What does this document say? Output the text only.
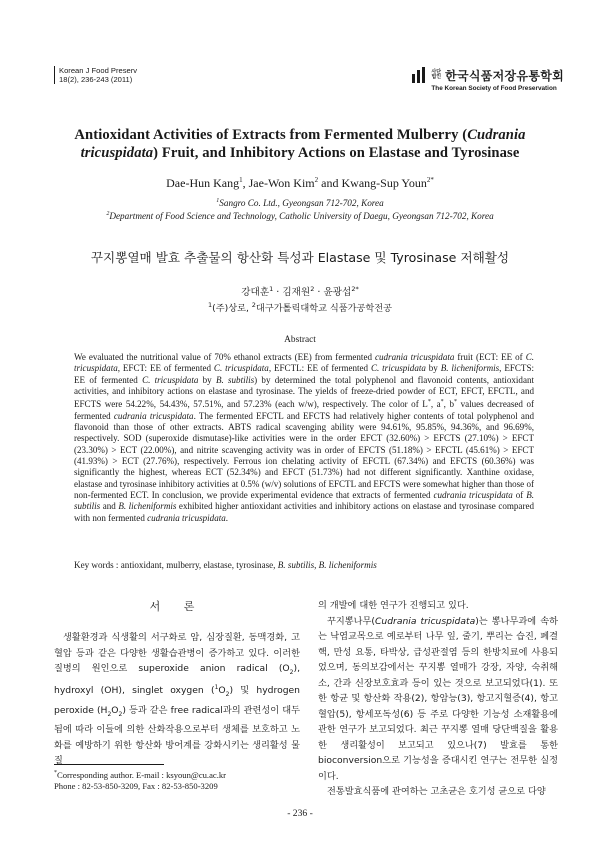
Korean J Food Preserv
18(2), 236-243 (2011)
사단
법인 한국식품저장유통학회
The Korean Society of Food Preservation
Antioxidant Activities of Extracts from Fermented Mulberry (Cudrania
tricuspidata) Fruit, and Inhibitory Actions on Elastase and Tyrosinase
Dae-Hun Kang$^1$, Jae-Won Kim$^2$ and Kwang-Sup Youn$^{2*}$
$^1$Sangro Co. Ltd., Gyeongsan 712-702, Korea
$^2$Department of Food Science and Technology, Catholic University of Daegu, Gyeongsan 712-702, Korea
꾸지뽕열매 발효 추출물의 항산화 특성과 Elastase 및 Tyrosinase 저해활성
강대훈$^1$ · 김재원$^2$ · 윤광섭$^{2*}$
$^1$(주)상로, $^2$대구가톨릭대학교 식품가공학전공
Abstract
We evaluated the nutritional value of 70% ethanol extracts (EE) from fermented cudrania tricuspidata fruit (ECT: EE of C. tricuspidata, EFCT: EE of fermented C. tricuspidata, EFCTL: EE of fermented C. tricuspidata by B. licheniformis, EFCTS: EE of fermented C. tricuspidata by B. subtilis) by determined the total polyphenol and flavonoid contents, antioxidant activities, and inhibitory actions on elastase and tyrosinase. The yields of freeze-dried powder of ECT, EFCT, EFCTL, and EFCTS were 54.22%, 54.43%, 57.51%, and 57.23% (each w/w), respectively. The color of L*, a*, b* values decreased of fermented cudrania tricuspidata. The fermented EFCTL and EFCTS had relatively higher contents of total polyphenol and flavonoid than those of other extracts. ABTS radical scavenging ability were 94.61%, 95.85%, 94.36%, and 96.69%, respectively. SOD (superoxide dismutase)-like activities were in the order EFCT (32.60%) > EFCTS (27.10%) > EFCT (23.30%) > ECT (22.00%), and nitrite scavenging activity was in order of EFCTS (51.18%) > EFCTL (45.61%) > EFCT (41.93%) > ECT (27.76%), respectively. Ferrous ion chelating activity of EFCTL (67.34%) and EFCTS (60.36%) was significantly the highest, whereas ECT (52.34%) and EFCT (51.73%) had not different significantly. Xanthine oxidase, elastase and tyrosinase inhibitory activities at 0.5% (w/v) solutions of EFCTL and EFCTS were somewhat higher than those of non-fermented ECT. In conclusion, we provide experimental evidence that extracts of fermented cudrania tricuspidata of B. subtilis and B. licheniformis exhibited higher antioxidant activities and inhibitory actions on elastase and tyrosinase compared with non fermented cudrania tricuspidata.
Key words : antioxidant, mulberry, elastase, tyrosinase, B. subtilis, B. licheniformis
서 론

생활환경과 식생활의 서구화로 암, 심장질환, 동맥경화, 고혈압 등과 같은 다양한 생활습관병이 증가하고 있다. 이러한 질병의 원인으로 superoxide anion radical $(O_2)$, hydroxyl (OH), singlet oxygen $(^1O_2)$ 및 hydrogen peroxide $(H_2O_2)$ 등과 같은 free radical과의 관련성이 대두됨에 따라 이들에 의한 산화작용으로부터 생체를 보호하고 노화를 예방하기 위한 항산화 방어계를 강화시키는 생리활성 물질

의 개발에 대한 연구가 진행되고 있다.

꾸지뽕나무(Cudrania tricuspidata)는 뽕나무과에 속하는 낙엽교목으로 예로부터 나무 잎, 줄기, 뿌리는 습진, 폐결핵, 만성 요통, 타박상, 급성관절염 등의 한방치료에 사용되었으며, 동의보감에서는 꾸지뽕 열매가 강장, 자양, 숙취해소, 간과 신장보호효과 등이 있는 것으로 보고되었다(1). 또한 항균 및 항산화 작용(2), 항암능(3), 항고지혈증(4), 항고혈압(5), 항세포독성(6) 등 주로 다양한 기능성 소재활용에 관한 연구가 보고되었다. 최근 꾸지뽕 열매 당단백질을 활용한 생리활성이 보고되고 있으나(7) 발효를 통한 bioconversion으로 기능성을 증대시킨 연구는 전무한 실정이다.

전통발효식품에 관여하는 고초균은 호기성 균으로 다양

*Corresponding author. E-mail : ksyoun@cu.ac.kr
Phone : 82-53-850-3209, Fax : 82-53-850-3209
- 236 -
